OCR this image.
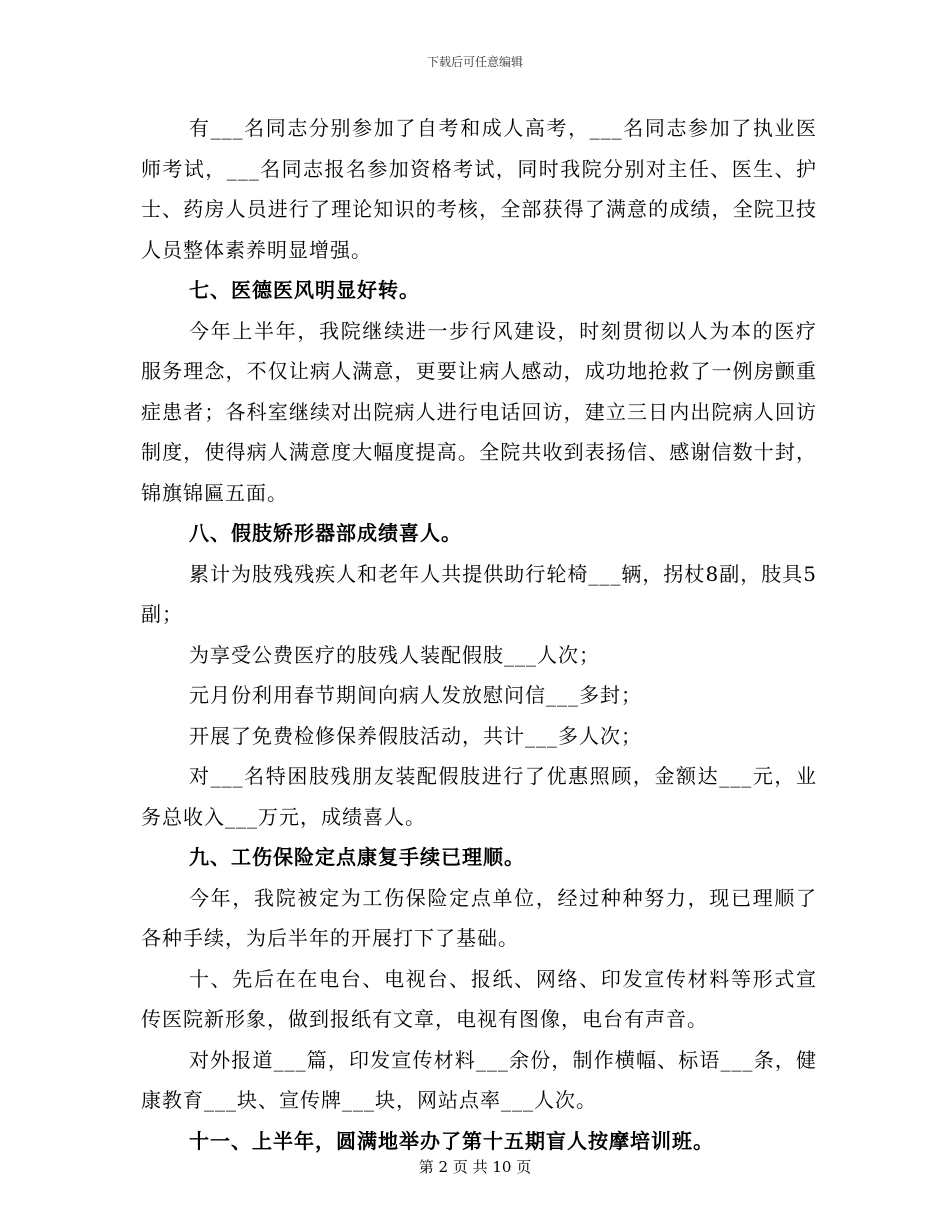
下载后可任意编辑

有___名同志分别参加了自考和成人高考，___名同志参加了执业医师考试，___名同志报名参加资格考试，同时我院分别对主任、医生、护士、药房人员进行了理论知识的考核，全部获得了满意的成绩，全院卫技人员整体素养明显增强。

七、医德医风明显好转。

今年上半年，我院继续进一步行风建设，时刻贯彻以人为本的医疗服务理念，不仅让病人满意，更要让病人感动，成功地抢救了一例房颤重症患者；各科室继续对出院病人进行电话回访，建立三日内出院病人回访制度，使得病人满意度大幅度提高。全院共收到表扬信、感谢信数十封，锦旗锦匾五面。

八、假肢矫形器部成绩喜人。

累计为肢残残疾人和老年人共提供助行轮椅___辆，拐杖8副，肢具5副；

为享受公费医疗的肢残人装配假肢___人次；

元月份利用春节期间向病人发放慰问信___多封；

开展了免费检修保养假肢活动，共计___多人次；

对___名特困肢残朋友装配假肢进行了优惠照顾，金额达___元，业务总收入___万元，成绩喜人。

九、工伤保险定点康复手续已理顺。

今年，我院被定为工伤保险定点单位，经过种种努力，现已理顺了各种手续，为后半年的开展打下了基础。

十、先后在在电台、电视台、报纸、网络、印发宣传材料等形式宣传医院新形象，做到报纸有文章，电视有图像，电台有声音。

对外报道___篇，印发宣传材料___余份，制作横幅、标语___条，健康教育___块、宣传牌___块，网站点率___人次。

十一、上半年，圆满地举办了第十五期盲人按摩培训班。

第 2 页 共 10 页
